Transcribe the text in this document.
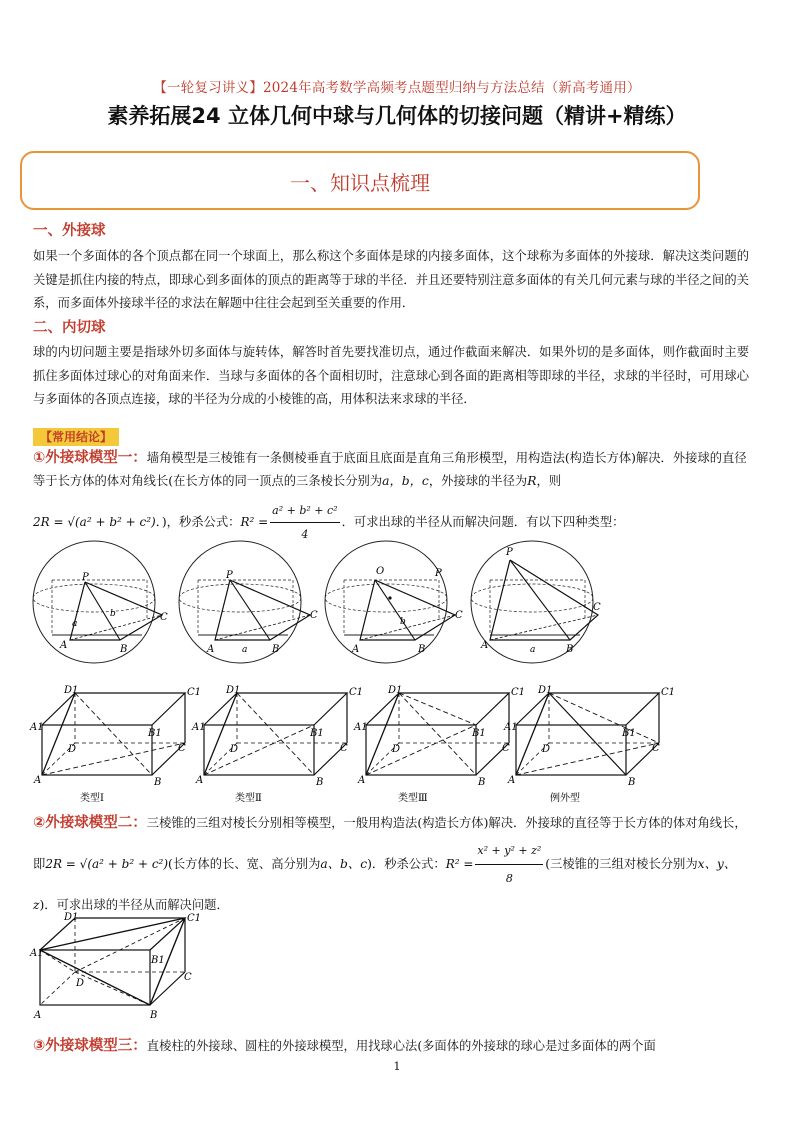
【一轮复习讲义】2024年高考数学高频考点题型归纳与方法总结（新高考通用）
素养拓展24 立体几何中球与几何体的切接问题（精讲+精练）
一、知识点梳理
一、外接球
如果一个多面体的各个顶点都在同一个球面上，那么称这个多面体是球的内接多面体，这个球称为多面体的外接球．解决这类问题的关键是抓住内接的特点，即球心到多面体的顶点的距离等于球的半径．并且还要特别注意多面体的有关几何元素与球的半径之间的关系，而多面体外接球半径的求法在解题中往往会起到至关重要的作用．
二、内切球
球的内切问题主要是指球外切多面体与旋转体，解答时首先要找准切点，通过作截面来解决．如果外切的是多面体，则作截面时主要抓住多面体过球心的对角面来作．当球与多面体的各个面相切时，注意球心到各面的距离相等即球的半径，求球的半径时，可用球心与多面体的各顶点连接，球的半径为分成的小棱锥的高，用体积法来求球的半径．
【常用结论】
①外接球模型一：墙角模型是三棱锥有一条侧棱垂直于底面且底面是直角三角形模型，用构造法(构造长方体)解决．外接球的直径等于长方体的体对角线长(在长方体的同一顶点的三条棱长分别为a，b，c，外接球的半径为R，则
2R = √(a² + b² + c²)．)，秒杀公式：$R^2 = \frac{\text{a² + b² + c²}}{4}$ ．可求出球的半径从而解决问题．有以下四种类型：
P
A	B
C
b
a
P
A	B
C
a
O	P
A	B
C
b
P
A	B
C
a
D1	C1
A1
B1
D	C
A	B
类型Ⅰ
D1	C1
A1
B1
D	C
A	B
类型Ⅱ
D1	C1
A1
B1
D	C
A	B
类型Ⅲ
D1	C1
A1
B1
D	C
A	B
例外型
②外接球模型二：三棱锥的三组对棱长分别相等模型，一般用构造法(构造长方体)解决．外接球的直径等于长方体的体对角线长，即2R = √(a² + b² + c²)(长方体的长、宽、高分别为a、b、c)．秒杀公式：$R^2 = \frac{\text{x² + y² + z²}}{8}$ (三棱锥的三组对棱长分别为x、y、z)．可求出球的半径从而解决问题．
D1	C1
A1
B1
D
C
A	B
③外接球模型三：直棱柱的外接球、圆柱的外接球模型，用找球心法(多面体的外接球的球心是过多面体的两个面
1
